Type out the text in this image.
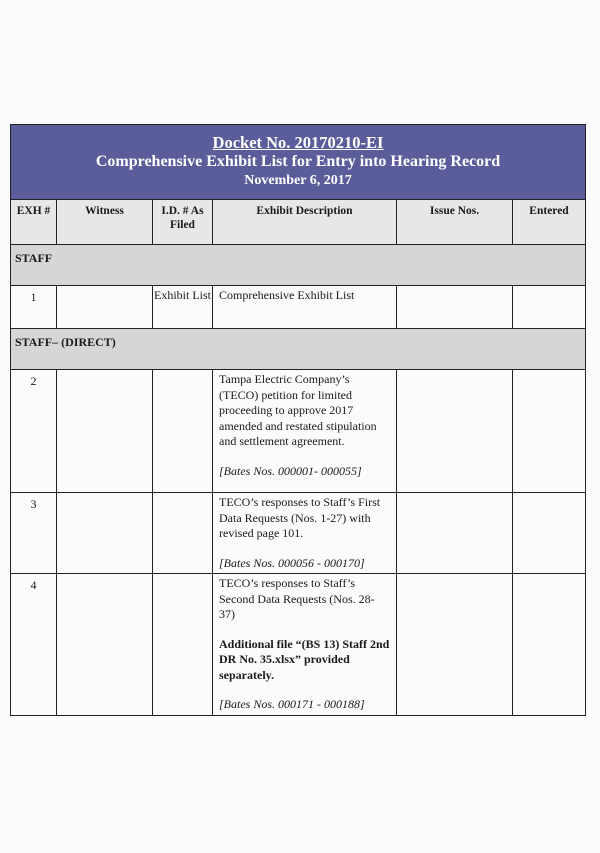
Docket No. 20170210-EI
Comprehensive Exhibit List for Entry into Hearing Record
November 6, 2017					

EXH #	Witness	I.D. # As Filed	Exhibit Description	Issue Nos.	Entered
STAFF					
1		Exhibit List	Comprehensive Exhibit List		
STAFF– (DIRECT)					
2			Tampa Electric Company’s (TECO) petition for limited proceeding to approve 2017 amended and restated stipulation and settlement agreement.
[Bates Nos. 000001- 000055]		

3			TECO’s responses to Staff’s First Data Requests (Nos. 1-27) with revised page 101.
[Bates Nos. 000056 - 000170]		

4			TECO’s responses to Staff’s Second Data Requests (Nos. 28-37)
Additional file “(BS 13) Staff 2nd DR No. 35.xlsx” provided separately.
[Bates Nos. 000171 - 000188]		
